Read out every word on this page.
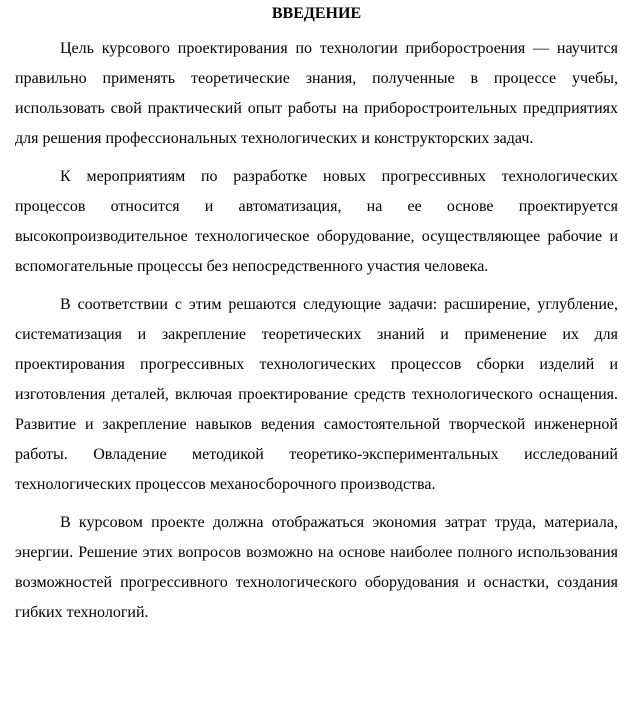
ВВЕДЕНИЕ

Цель курсового проектирования по технологии приборостроения — научится правильно применять теоретические знания, полученные в процессе учебы, использовать свой практический опыт работы на приборостроительных предприятиях для решения профессиональных технологических и конструкторских задач.

К мероприятиям по разработке новых прогрессивных технологических процессов относится и автоматизация, на ее основе проектируется высокопроизводительное технологическое оборудование, осуществляющее рабочие и вспомогательные процессы без непосредственного участия человека.

В соответствии с этим решаются следующие задачи: расширение, углубление, систематизация и закрепление теоретических знаний и применение их для проектирования прогрессивных технологических процессов сборки изделий и изготовления деталей, включая проектирование средств технологического оснащения. Развитие и закрепление навыков ведения самостоятельной творческой инженерной работы. Овладение методикой теоретико-экспериментальных исследований технологических процессов механосборочного производства.

В курсовом проекте должна отображаться экономия затрат труда, материала, энергии. Решение этих вопросов возможно на основе наиболее полного использования возможностей прогрессивного технологического оборудования и оснастки, создания гибких технологий.
